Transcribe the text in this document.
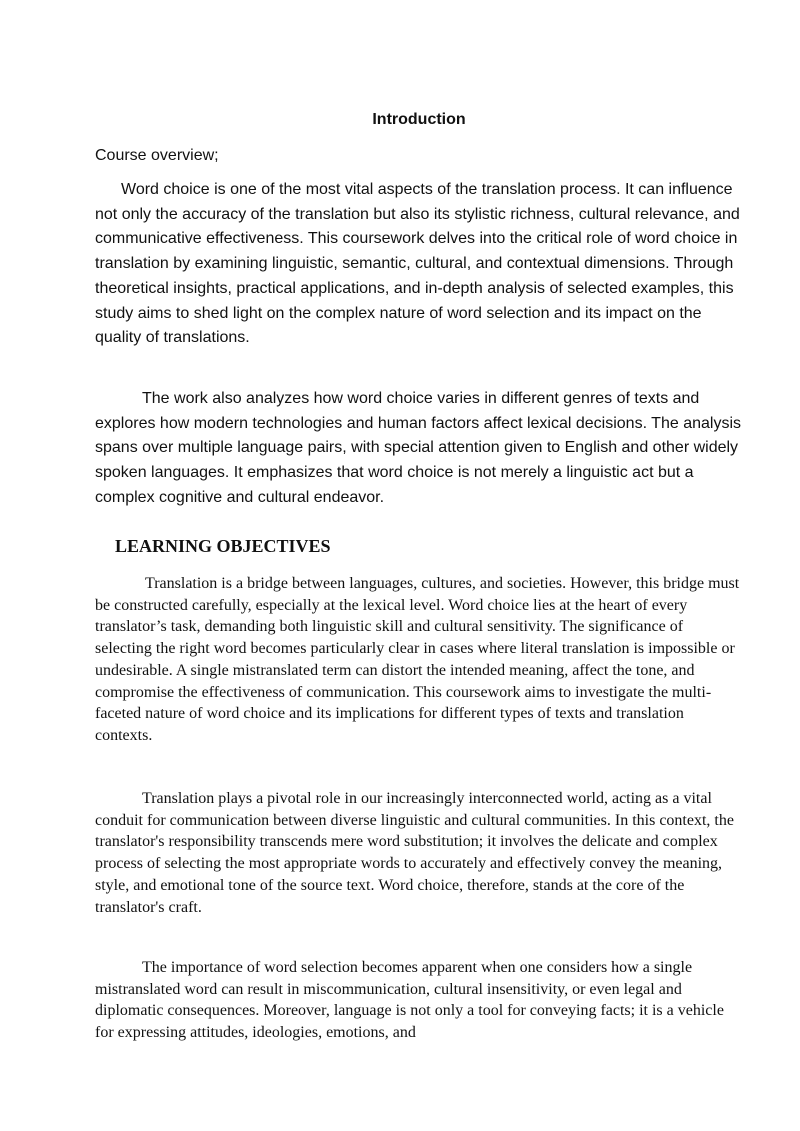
Introduction

Course overview;

Word choice is one of the most vital aspects of the translation process. It can influence not only the accuracy of the translation but also its stylistic richness, cultural relevance, and communicative effectiveness. This coursework delves into the critical role of word choice in translation by examining linguistic, semantic, cultural, and contextual dimensions. Through theoretical insights, practical applications, and in-depth analysis of selected examples, this study aims to shed light on the complex nature of word selection and its impact on the quality of translations.

The work also analyzes how word choice varies in different genres of texts and explores how modern technologies and human factors affect lexical decisions. The analysis spans over multiple language pairs, with special attention given to English and other widely spoken languages. It emphasizes that word choice is not merely a linguistic act but a complex cognitive and cultural endeavor.

LEARNING OBJECTIVES

Translation is a bridge between languages, cultures, and societies. However, this bridge must be constructed carefully, especially at the lexical level. Word choice lies at the heart of every translator’s task, demanding both linguistic skill and cultural sensitivity. The significance of selecting the right word becomes particularly clear in cases where literal translation is impossible or undesirable. A single mistranslated term can distort the intended meaning, affect the tone, and compromise the effectiveness of communication. This coursework aims to investigate the multi-faceted nature of word choice and its implications for different types of texts and translation contexts.

Translation plays a pivotal role in our increasingly interconnected world, acting as a vital conduit for communication between diverse linguistic and cultural communities. In this context, the translator's responsibility transcends mere word substitution; it involves the delicate and complex process of selecting the most appropriate words to accurately and effectively convey the meaning, style, and emotional tone of the source text. Word choice, therefore, stands at the core of the translator's craft.

The importance of word selection becomes apparent when one considers how a single mistranslated word can result in miscommunication, cultural insensitivity, or even legal and diplomatic consequences. Moreover, language is not only a tool for conveying facts; it is a vehicle for expressing attitudes, ideologies, emotions, and
